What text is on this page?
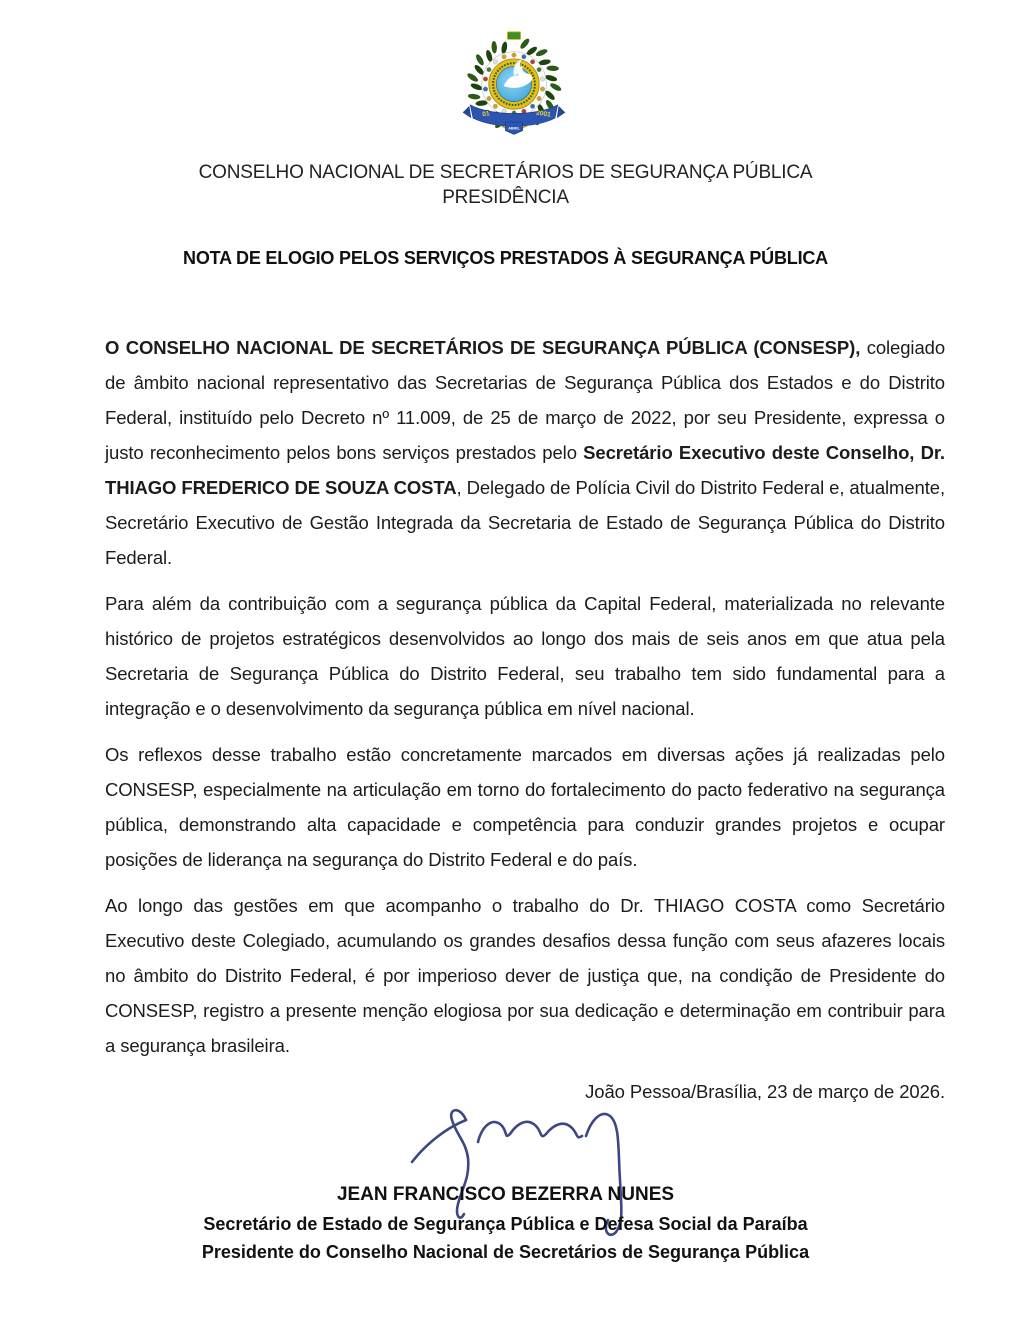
01	2001
ABRIL
CONSELHO NACIONAL DE SECRETÁRIOS DE SEGURANÇA PÚBLICA
PRESIDÊNCIA
NOTA DE ELOGIO PELOS SERVIÇOS PRESTADOS À SEGURANÇA PÚBLICA

O CONSELHO NACIONAL DE SECRETÁRIOS DE SEGURANÇA PÚBLICA (CONSESP), colegiado de âmbito nacional representativo das Secretarias de Segurança Pública dos Estados e do Distrito Federal, instituído pelo Decreto nº 11.009, de 25 de março de 2022, por seu Presidente, expressa o justo reconhecimento pelos bons serviços prestados pelo Secretário Executivo deste Conselho, Dr. THIAGO FREDERICO DE SOUZA COSTA, Delegado de Polícia Civil do Distrito Federal e, atualmente, Secretário Executivo de Gestão Integrada da Secretaria de Estado de Segurança Pública do Distrito Federal.

Para além da contribuição com a segurança pública da Capital Federal, materializada no relevante histórico de projetos estratégicos desenvolvidos ao longo dos mais de seis anos em que atua pela Secretaria de Segurança Pública do Distrito Federal, seu trabalho tem sido fundamental para a integração e o desenvolvimento da segurança pública em nível nacional.

Os reflexos desse trabalho estão concretamente marcados em diversas ações já realizadas pelo CONSESP, especialmente na articulação em torno do fortalecimento do pacto federativo na segurança pública, demonstrando alta capacidade e competência para conduzir grandes projetos e ocupar posições de liderança na segurança do Distrito Federal e do país.

Ao longo das gestões em que acompanho o trabalho do Dr. THIAGO COSTA como Secretário Executivo deste Colegiado, acumulando os grandes desafios dessa função com seus afazeres locais no âmbito do Distrito Federal, é por imperioso dever de justiça que, na condição de Presidente do CONSESP, registro a presente menção elogiosa por sua dedicação e determinação em contribuir para a segurança brasileira.

João Pessoa/Brasília, 23 de março de 2026.

JEAN FRANCISCO BEZERRA NUNES
Secretário de Estado de Segurança Pública e Defesa Social da Paraíba
Presidente do Conselho Nacional de Secretários de Segurança Pública
